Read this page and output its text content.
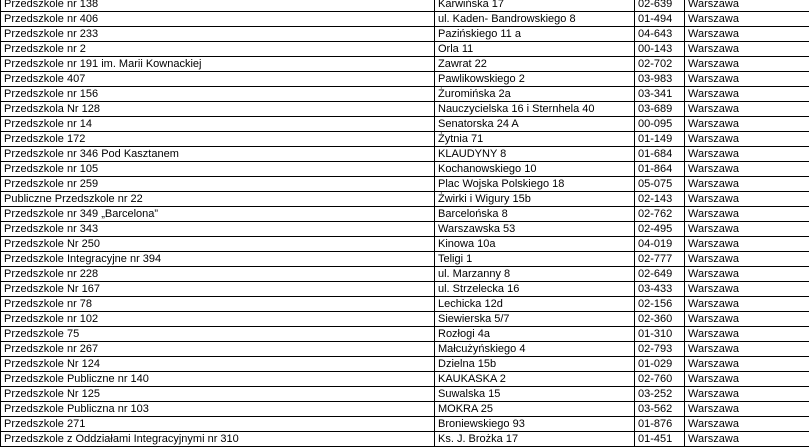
Przedszkole nr 138	Karwińska 17	02-639	Warszawa
Przedszkole nr 406	ul. Kaden- Bandrowskiego 8	01-494	Warszawa
Przedszkole nr 233	Pazińskiego 11 a	04-643	Warszawa
Przedszkole nr 2	Orla 11	00-143	Warszawa
Przedszkole nr 191 im. Marii Kownackiej	Zawrat 22	02-702	Warszawa
Przedszkole 407	Pawlikowskiego 2	03-983	Warszawa
Przedszkole nr 156	Żuromińska 2a	03-341	Warszawa
Przedszkola Nr 128	Nauczycielska 16 i Sternhela 40	03-689	Warszawa
Przedszkole nr 14	Senatorska 24 A	00-095	Warszawa
Przedszkole 172	Żytnia 71	01-149	Warszawa
Przedszkole nr 346 Pod Kasztanem	KLAUDYNY 8	01-684	Warszawa
Przedszkole nr 105	Kochanowskiego 10	01-864	Warszawa
Przedszkole nr 259	Plac Wojska Polskiego 18	05-075	Warszawa
Publiczne Przedszkole nr 22	Żwirki i Wigury 15b	02-143	Warszawa
Przedszkole nr 349 „Barcelona”	Barcelońska 8	02-762	Warszawa
Przedszkole nr 343	Warszawska 53	02-495	Warszawa
Przedszkole Nr 250	Kinowa 10a	04-019	Warszawa
Przedszkole Integracyjne nr 394	Teligi 1	02-777	Warszawa
Przedszkole nr 228	ul. Marzanny 8	02-649	Warszawa
Przedszkole Nr 167	ul. Strzelecka 16	03-433	Warszawa
Przedszkole nr 78	Lechicka 12d	02-156	Warszawa
Przedszkole nr 102	Siewierska 5/7	02-360	Warszawa
Przedszkole 75	Rozłogi 4a	01-310	Warszawa
Przedszkole nr 267	Małcużyńskiego 4	02-793	Warszawa
Przedszkole Nr 124	Dzielna 15b	01-029	Warszawa
Przedszkole Publiczne nr 140	KAUKASKA 2	02-760	Warszawa
Przedszkole Nr 125	Suwalska 15	03-252	Warszawa
Przedszkole Publiczna nr 103	MOKRA 25	03-562	Warszawa
Przedszkole 271	Broniewskiego 93	01-876	Warszawa
Przedszkole z Oddziałami Integracyjnymi nr 310	Ks. J. Brożka 17	01-451	Warszawa
